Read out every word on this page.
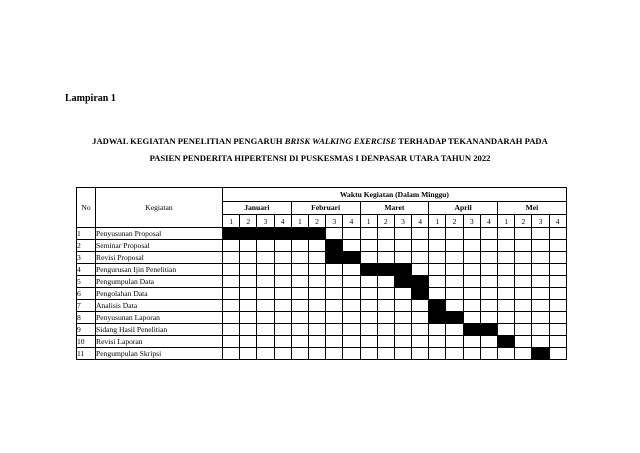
Lampiran 1
JADWAL KEGIATAN PENELITIAN PENGARUH BRISK WALKING EXERCISE TERHADAP TEKANANDARAH PADA
PASIEN PENDERITA HIPERTENSI DI PUSKESMAS I DENPASAR UTARA TAHUN 2022
No	Kegiatan	Waktu Kegiatan (Dalam Minggu)																			
		Januari				Februari				Maret				April				Mei			
		1	2	3	4	1	2	3	4	1	2	3	4	1	2	3	4	1	2	3	4
1	Penyusunan Proposal																				
2	Seminar Proposal																				
3	Revisi Proposal																				
4	Pengurusan Ijin Penelitian																				
5	Pengumpulan Data																				
6	Pengolahan Data																				
7	Analisis Data																				
8	Penyusunan Laporan																				
9	Sidang Hasil Penelitian																				
10	Revisi Laporan																				
11	Pengumpulan Skripsi																				
